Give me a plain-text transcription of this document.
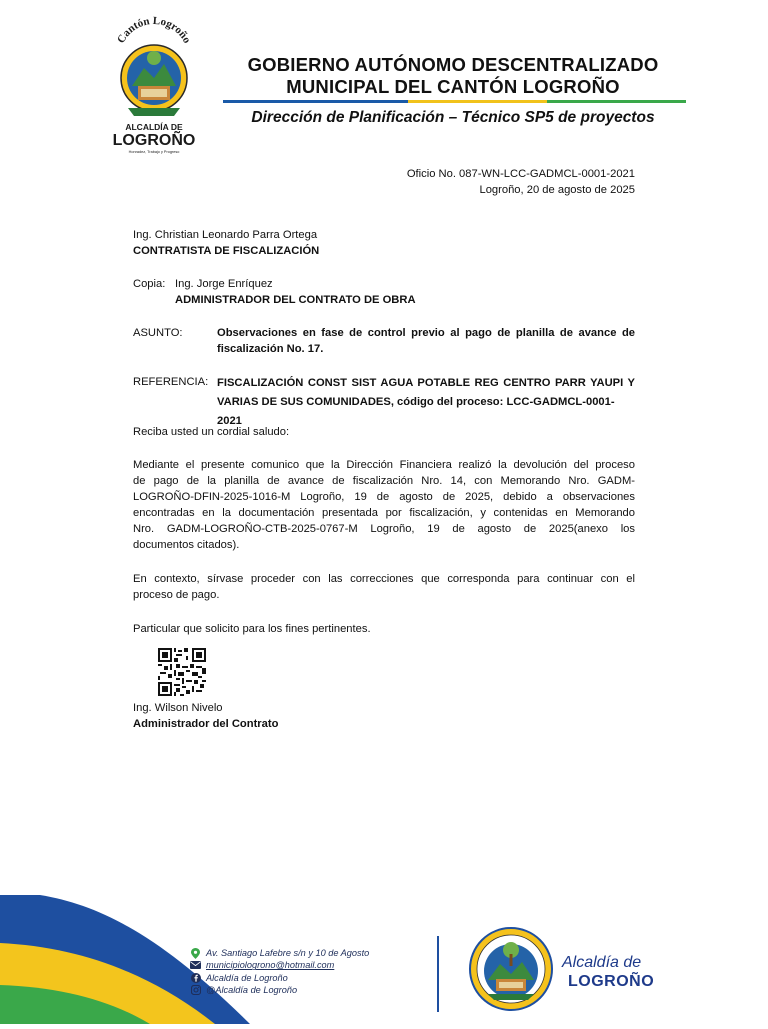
Cantón Logroño
ALCALDÍA DE
LOGROÑO
Honradez, Trabajo y Progreso
GOBIERNO AUTÓNOMO DESCENTRALIZADO
MUNICIPAL DEL CANTÓN LOGROÑO
Dirección de Planificación – Técnico SP5 de proyectos
Oficio No. 087-WN-LCC-GADMCL-0001-2021
Logroño, 20 de agosto de 2025
Ing. Christian Leonardo Parra Ortega
CONTRATISTA DE FISCALIZACIÓN
Copia: Ing. Jorge Enríquez
ADMINISTRADOR DEL CONTRATO DE OBRA
ASUNTO:	Observaciones en fase de control previo al pago de planilla de avance de
fiscalización No. 17.
REFERENCIA: FISCALIZACIÓN CONST SIST AGUA POTABLE REG CENTRO PARR YAUPI Y
VARIAS DE SUS COMUNIDADES, código del proceso: LCC-GADMCL-0001-2021
Reciba usted un cordial saludo:
Mediante el presente comunico que la Dirección Financiera realizó la devolución del proceso
de pago de la planilla de avance de fiscalización Nro. 14, con Memorando Nro. GADM-
LOGROÑO-DFIN-2025-1016-M Logroño, 19 de agosto de 2025, debido a observaciones
encontradas en la documentación presentada por fiscalización, y contenidas en Memorando
Nro. GADM-LOGROÑO-CTB-2025-0767-M Logroño, 19 de agosto de 2025(anexo los
documentos citados).
En contexto, sírvase proceder con las correcciones que corresponda para continuar con el
proceso de pago.
Particular que solicito para los fines pertinentes.
Ing. Wilson Nivelo
Administrador del Contrato
Av. Santiago Lafebre s/n y 10 de Agosto
municipiologrono@hotmail.com
Alcaldía de Logroño
@Alcaldía de Logroño
Alcaldía de
LOGROÑO
